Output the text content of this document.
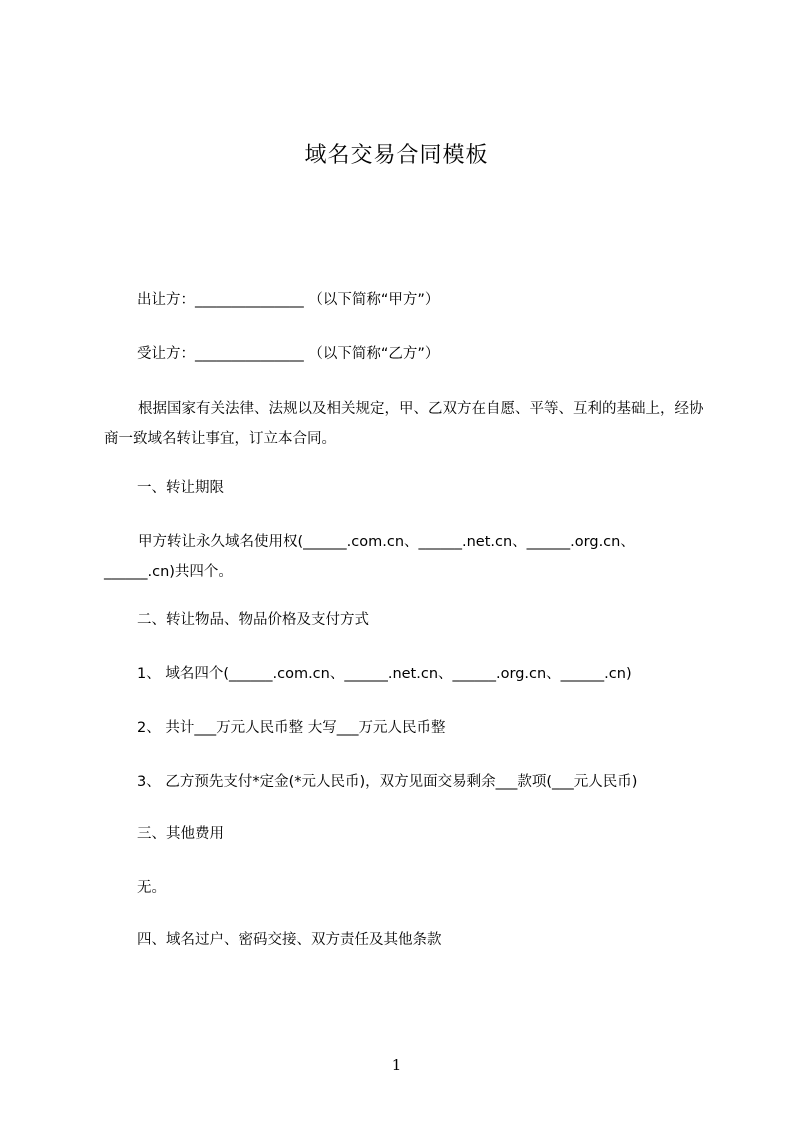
域名交易合同模板
出让方：_______________ （以下简称“甲方”）
受让方：_______________ （以下简称“乙方”）
根据国家有关法律、法规以及相关规定，甲、乙双方在自愿、平等、互利的基础上，经协商一致域名转让事宜，订立本合同。
一、转让期限
甲方转让永久域名使用权(______.com.cn、______.net.cn、______.org.cn、______.cn)共四个。
二、转让物品、物品价格及支付方式
1、 域名四个(______.com.cn、______.net.cn、______.org.cn、______.cn)
2、 共计___万元人民币整 大写___万元人民币整
3、 乙方预先支付*定金(*元人民币)，双方见面交易剩余___款项(___元人民币)
三、其他费用
无。
四、域名过户、密码交接、双方责任及其他条款
1
